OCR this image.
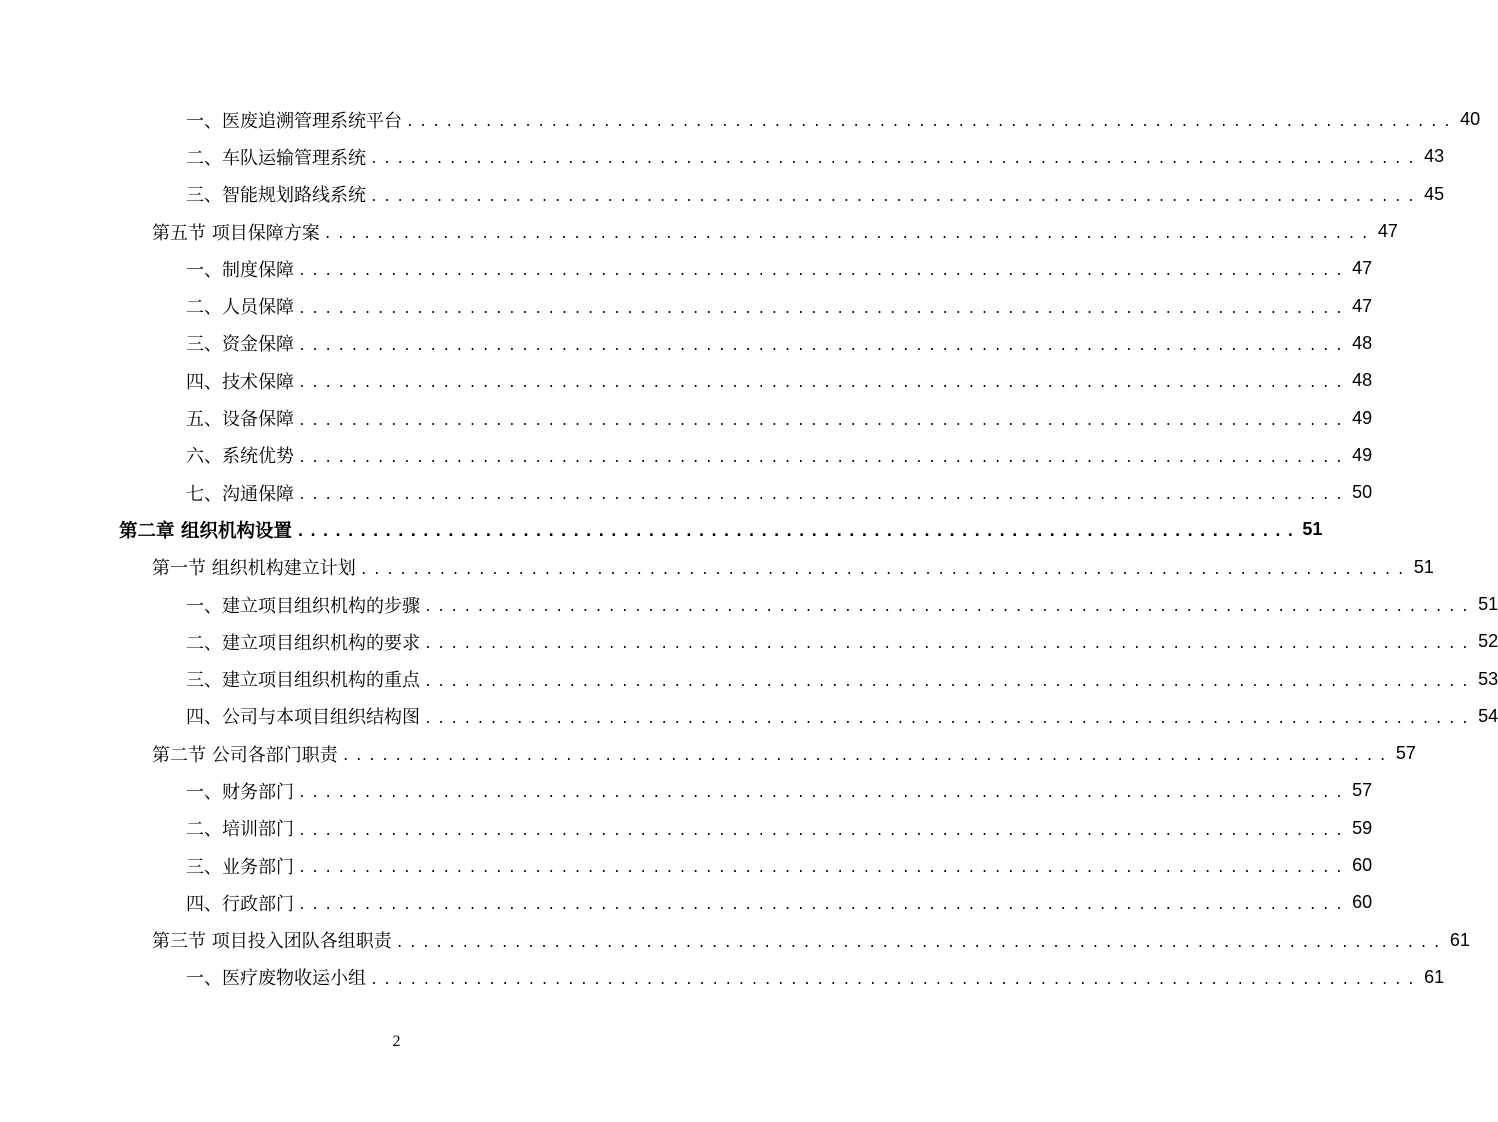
一、医废追溯管理系统平台 ................................................................................ 40
二、车队运输管理系统 ................................................................................ 43
三、智能规划路线系统 ................................................................................ 45
第五节 项目保障方案 ................................................................................ 47
一、制度保障 ................................................................................ 47
二、人员保障 ................................................................................ 47
三、资金保障 ................................................................................ 48
四、技术保障 ................................................................................ 48
五、设备保障 ................................................................................ 49
六、系统优势 ................................................................................ 49
七、沟通保障 ................................................................................ 50
第二章 组织机构设置 ................................................................................ 51
第一节 组织机构建立计划 ................................................................................ 51
一、建立项目组织机构的步骤 ................................................................................ 51
二、建立项目组织机构的要求 ................................................................................ 52
三、建立项目组织机构的重点 ................................................................................ 53
四、公司与本项目组织结构图 ................................................................................ 54
第二节 公司各部门职责 ................................................................................ 57
一、财务部门 ................................................................................ 57
二、培训部门 ................................................................................ 59
三、业务部门 ................................................................................ 60
四、行政部门 ................................................................................ 60
第三节 项目投入团队各组职责 ................................................................................ 61
一、医疗废物收运小组 ................................................................................ 61
2
